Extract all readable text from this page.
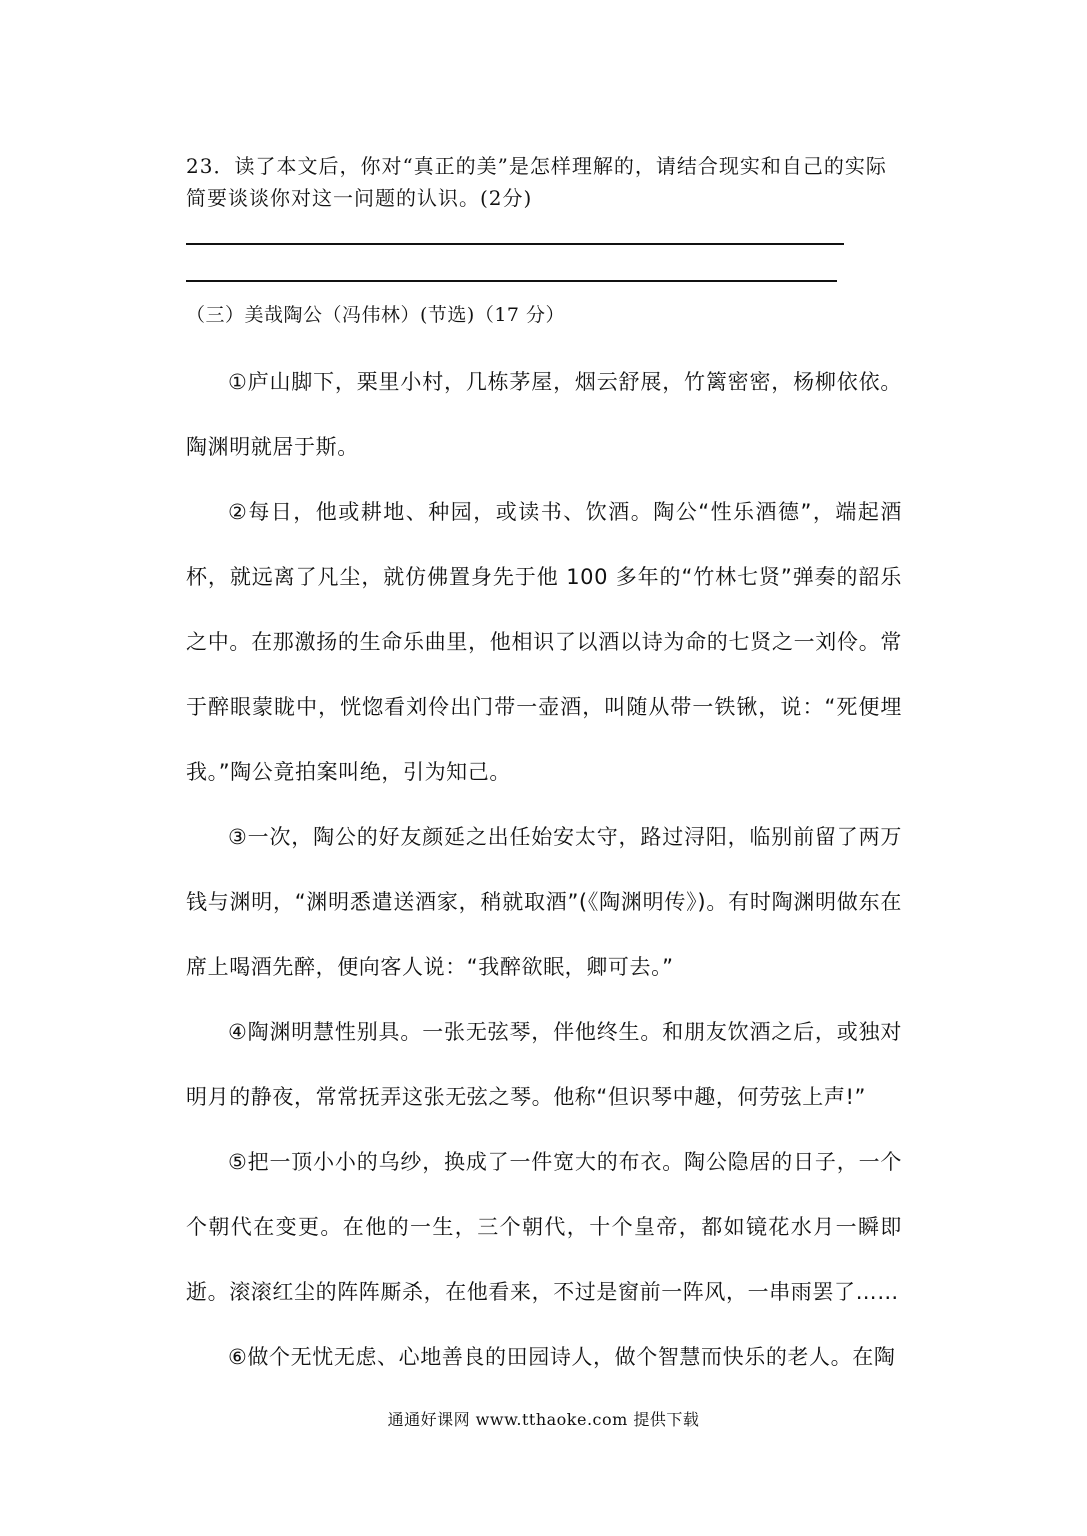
23．读了本文后，你对“真正的美”是怎样理解的，请结合现实和自己的实际简要谈谈你对这一问题的认识。(2分)
（三）美哉陶公（冯伟林）(节选)（17 分）

①庐山脚下，栗里小村，几栋茅屋，烟云舒展，竹篱密密，杨柳依依。陶渊明就居于斯。

②每日，他或耕地、种园，或读书、饮酒。陶公“性乐酒德”，端起酒杯，就远离了凡尘，就仿佛置身先于他 100 多年的“竹林七贤”弹奏的韶乐之中。在那激扬的生命乐曲里，他相识了以酒以诗为命的七贤之一刘伶。常于醉眼蒙眬中，恍惚看刘伶出门带一壶酒，叫随从带一铁锹，说：“死便埋我。”陶公竟拍案叫绝，引为知己。

③一次，陶公的好友颜延之出任始安太守，路过浔阳，临别前留了两万钱与渊明，“渊明悉遣送酒家，稍就取酒”(《陶渊明传》)。有时陶渊明做东在席上喝酒先醉，便向客人说：“我醉欲眠，卿可去。”

④陶渊明慧性别具。一张无弦琴，伴他终生。和朋友饮酒之后，或独对明月的静夜，常常抚弄这张无弦之琴。他称“但识琴中趣，何劳弦上声!”

⑤把一顶小小的乌纱，换成了一件宽大的布衣。陶公隐居的日子，一个个朝代在变更。在他的一生，三个朝代，十个皇帝，都如镜花水月一瞬即逝。滚滚红尘的阵阵厮杀，在他看来，不过是窗前一阵风，一串雨罢了……

⑥做个无忧无虑、心地善良的田园诗人，做个智慧而快乐的老人。在陶

通通好课网 www.tthaoke.com 提供下载
